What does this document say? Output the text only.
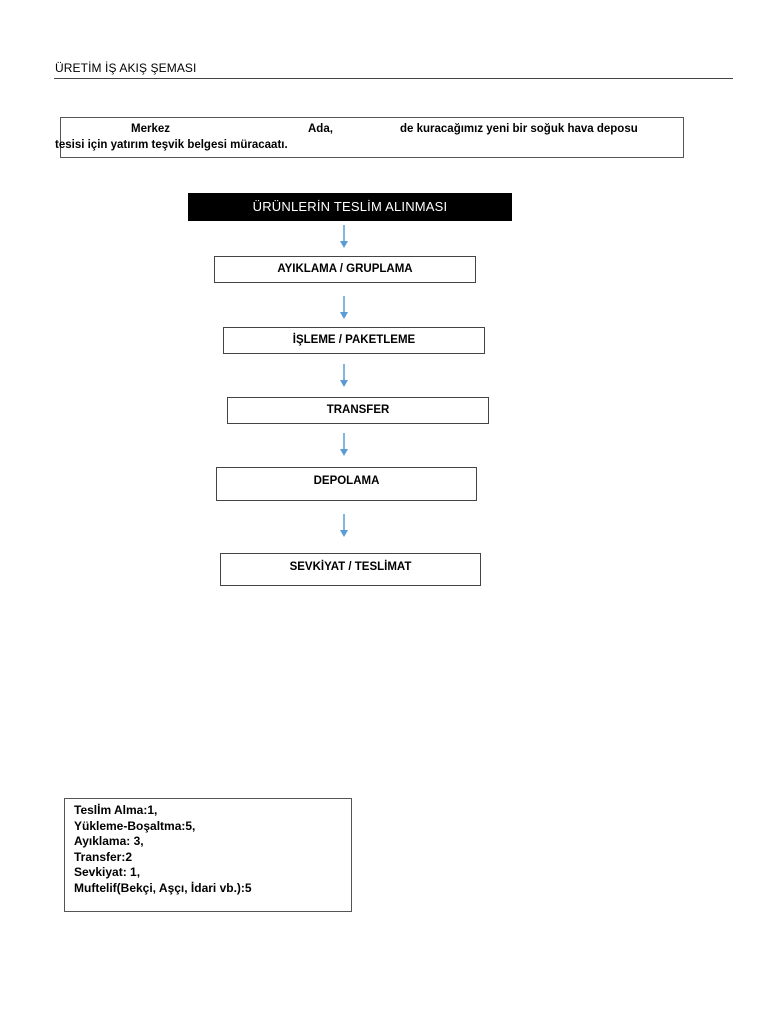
ÜRETİM İŞ AKIŞ ŞEMASI
Merkez	Ada,	de kuracağımız yeni bir soğuk hava deposu
tesisi için yatırım teşvik belgesi müracaatı.
ÜRÜNLERİN TESLİM ALINMASI
AYIKLAMA / GRUPLAMA
İŞLEME / PAKETLEME
TRANSFER
DEPOLAMA
SEVKİYAT / TESLİMAT
Teslİm Alma:1,
Yükleme-Boşaltma:5,
Ayıklama: 3,
Transfer:2
Sevkiyat: 1,
Muftelif(Bekçi, Aşçı, İdari vb.):5
